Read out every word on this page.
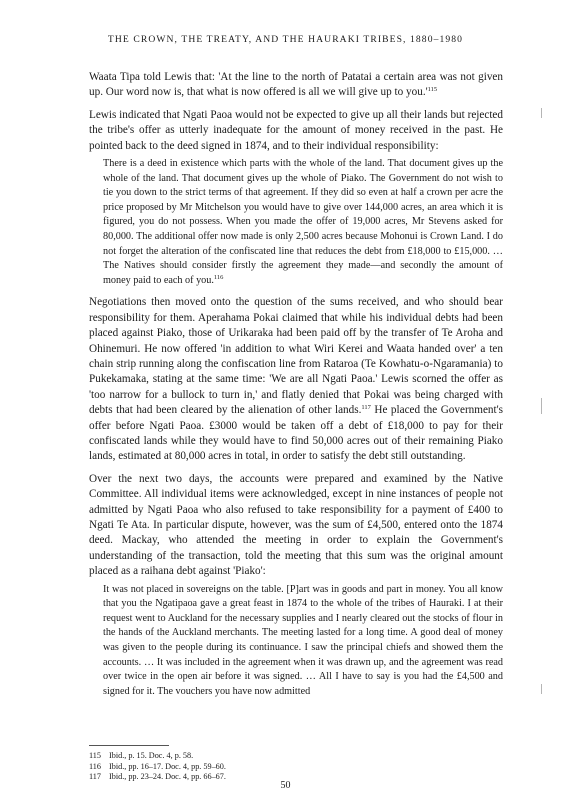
THE CROWN, THE TREATY, AND THE HAURAKI TRIBES, 1880–1980

Waata Tipa told Lewis that: 'At the line to the north of Patatai a certain area was not given up. Our word now is, that what is now offered is all we will give up to $you.'^{115}$

Lewis indicated that Ngati Paoa would not be expected to give up all their lands but rejected the tribe's offer as utterly inadequate for the amount of money received in the past. He pointed back to the deed signed in 1874, and to their individual responsibility:

There is a deed in existence which parts with the whole of the land. That document gives up the whole of the land. That document gives up the whole of Piako. The Government do not wish to tie you down to the strict terms of that agreement. If they did so even at half a crown per acre the price proposed by Mr Mitchelson you would have to give over 144,000 acres, an area which it is figured, you do not possess. When you made the offer of 19,000 acres, Mr Stevens asked for 80,000. The additional offer now made is only 2,500 acres because Mohonui is Crown Land. I do not forget the alteration of the confiscated line that reduces the debt from £18,000 to £15,000. … The Natives should consider firstly the agreement they made—and secondly the amount of money paid to each of you.$^{116}$

Negotiations then moved onto the question of the sums received, and who should bear responsibility for them. Aperahama Pokai claimed that while his individual debts had been placed against Piako, those of Urikaraka had been paid off by the transfer of Te Aroha and Ohinemuri. He now offered 'in addition to what Wiri Kerei and Waata handed over' a ten chain strip running along the confiscation line from Rataroa (Te Kowhatu-o-Ngaramania) to Pukekamaka, stating at the same time: 'We are all Ngati Paoa.' Lewis scorned the offer as 'too narrow for a bullock to turn in,' and flatly denied that Pokai was being charged with debts that had been cleared by the alienation of other lands.$^{117}$ He placed the Government's offer before Ngati Paoa. £3000 would be taken off a debt of £18,000 to pay for their confiscated lands while they would have to find 50,000 acres out of their remaining Piako lands, estimated at 80,000 acres in total, in order to satisfy the debt still outstanding.

Over the next two days, the accounts were prepared and examined by the Native Committee. All individual items were acknowledged, except in nine instances of people not admitted by Ngati Paoa who also refused to take responsibility for a payment of £400 to Ngati Te Ata. In particular dispute, however, was the sum of £4,500, entered onto the 1874 deed. Mackay, who attended the meeting in order to explain the Government's understanding of the transaction, told the meeting that this sum was the original amount placed as a raihana debt against 'Piako':

It was not placed in sovereigns on the table. [P]art was in goods and part in money. You all know that you the Ngatipaoa gave a great feast in 1874 to the whole of the tribes of Hauraki. I at their request went to Auckland for the necessary supplies and I nearly cleared out the stocks of flour in the hands of the Auckland merchants. The meeting lasted for a long time. A good deal of money was given to the people during its continuance. I saw the principal chiefs and showed them the accounts. … It was included in the agreement when it was drawn up, and the agreement was read over twice in the open air before it was signed. … All I have to say is you had the £4,500 and signed for it. The vouchers you have now admitted
115 Ibid., p. 15. Doc. 4, p. 58.
116 Ibid., pp. 16–17. Doc. 4, pp. 59–60.
117 Ibid., pp. 23–24. Doc. 4, pp. 66–67.
50
